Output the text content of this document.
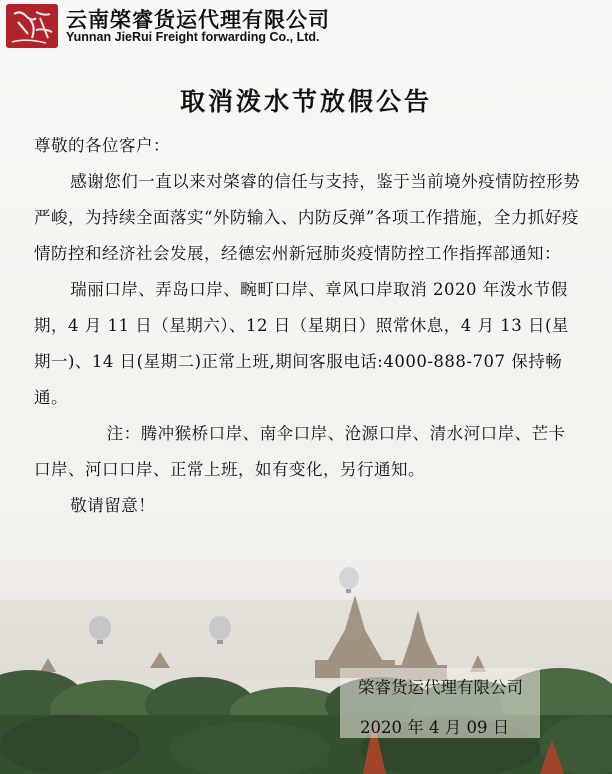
云南棨睿货运代理有限公司
Yunnan JieRui Freight forwarding Co., Ltd.
取消泼水节放假公告

尊敬的各位客户：

感谢您们一直以来对棨睿的信任与支持，鉴于当前境外疫情防控形势严峻，为持续全面落实“外防输入、内防反弹”各项工作措施，全力抓好疫情防控和经济社会发展，经德宏州新冠肺炎疫情防控工作指挥部通知：

瑞丽口岸、弄岛口岸、畹町口岸、章风口岸取消 2020 年泼水节假期，4 月 11 日（星期六）、12 日（星期日）照常休息，4 月 13 日(星期一)、14 日(星期二)正常上班,期间客服电话:4000-888-707 保持畅通。

注：腾冲猴桥口岸、南伞口岸、沧源口岸、清水河口岸、芒卡口岸、河口口岸、正常上班，如有变化，另行通知。

敬请留意！

棨睿货运代理有限公司
2020 年 4 月 09 日
